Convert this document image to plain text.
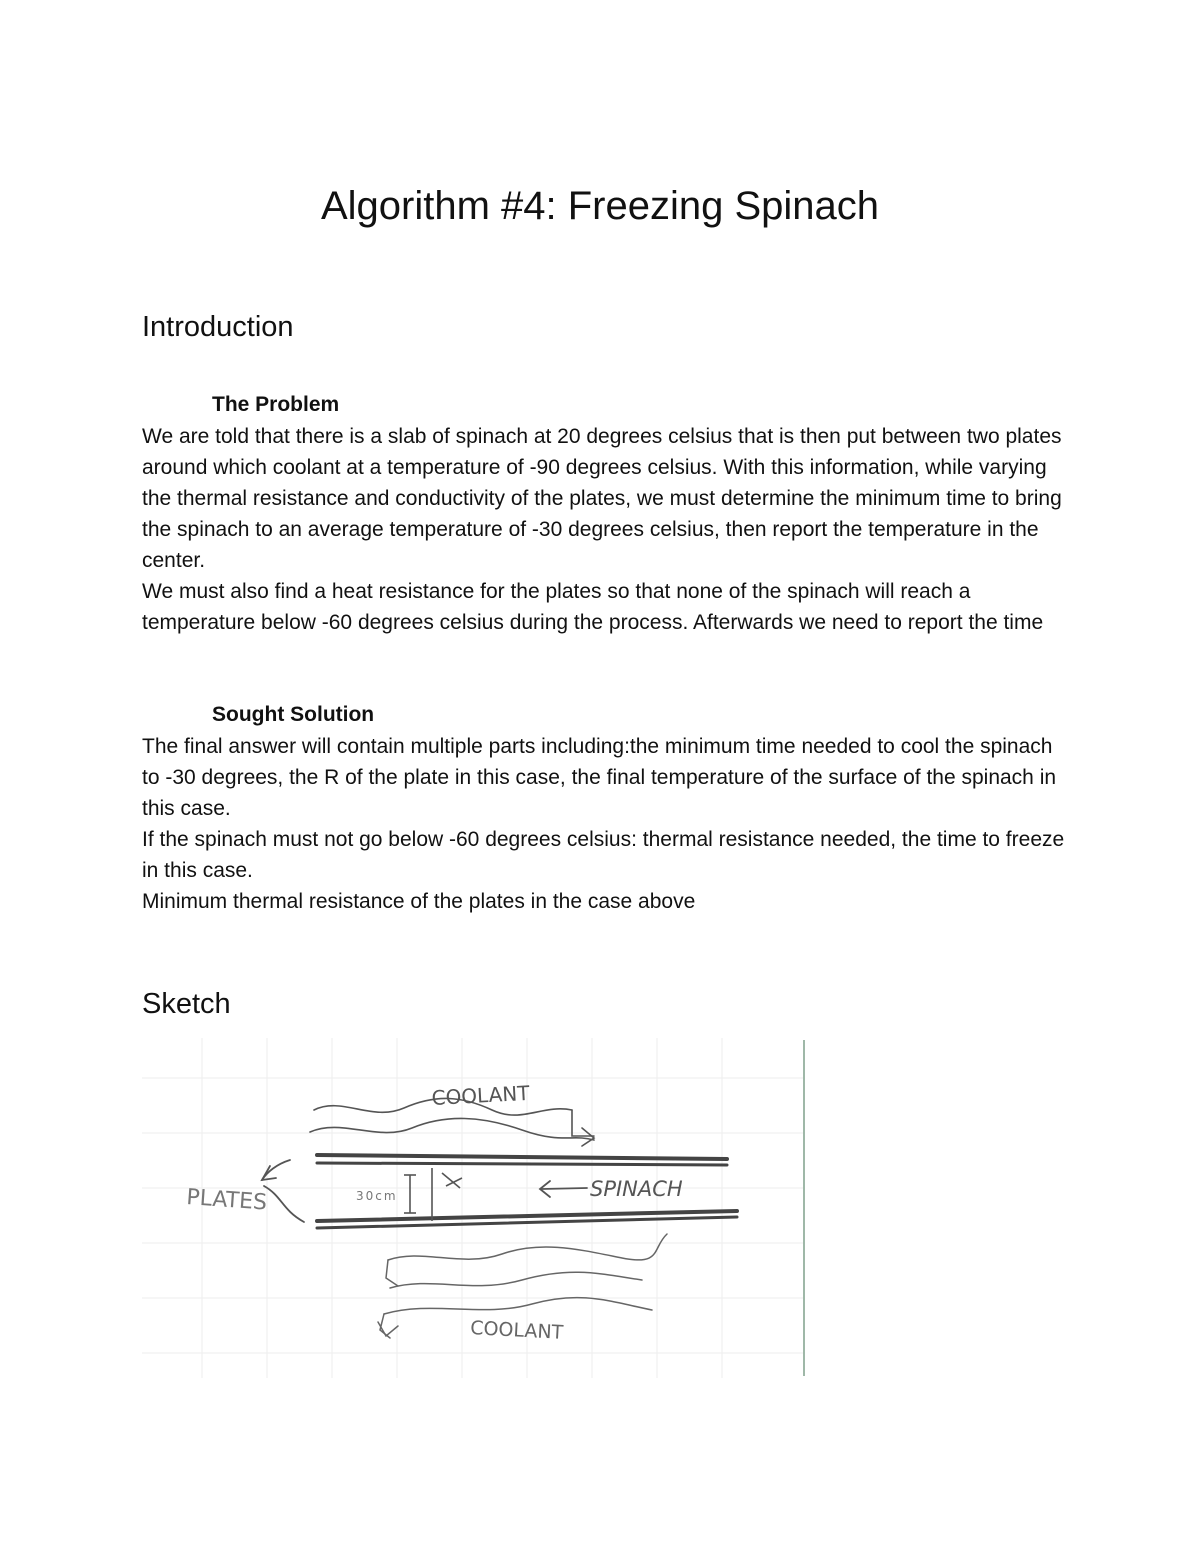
Algorithm #4: Freezing Spinach
Introduction
The Problem

We are told that there is a slab of spinach at 20 degrees celsius that is then put between two plates around which coolant at a temperature of -90 degrees celsius. With this information, while varying the thermal resistance and conductivity of the plates, we must determine the minimum time to bring the spinach to an average temperature of -30 degrees celsius, then report the temperature in the center.

We must also find a heat resistance for the plates so that none of the spinach will reach a temperature below -60 degrees celsius during the process. Afterwards we need to report the time

Sought Solution

The final answer will contain multiple parts including:the minimum time needed to cool the spinach to -30 degrees, the R of the plate in this case, the final temperature of the surface of the spinach in this case.

If the spinach must not go below -60 degrees celsius: thermal resistance needed, the time to freeze in this case.

Minimum thermal resistance of the plates in the case above

Sketch
COOLANT
30cm	SPINACH
PLATES
COOLANT
